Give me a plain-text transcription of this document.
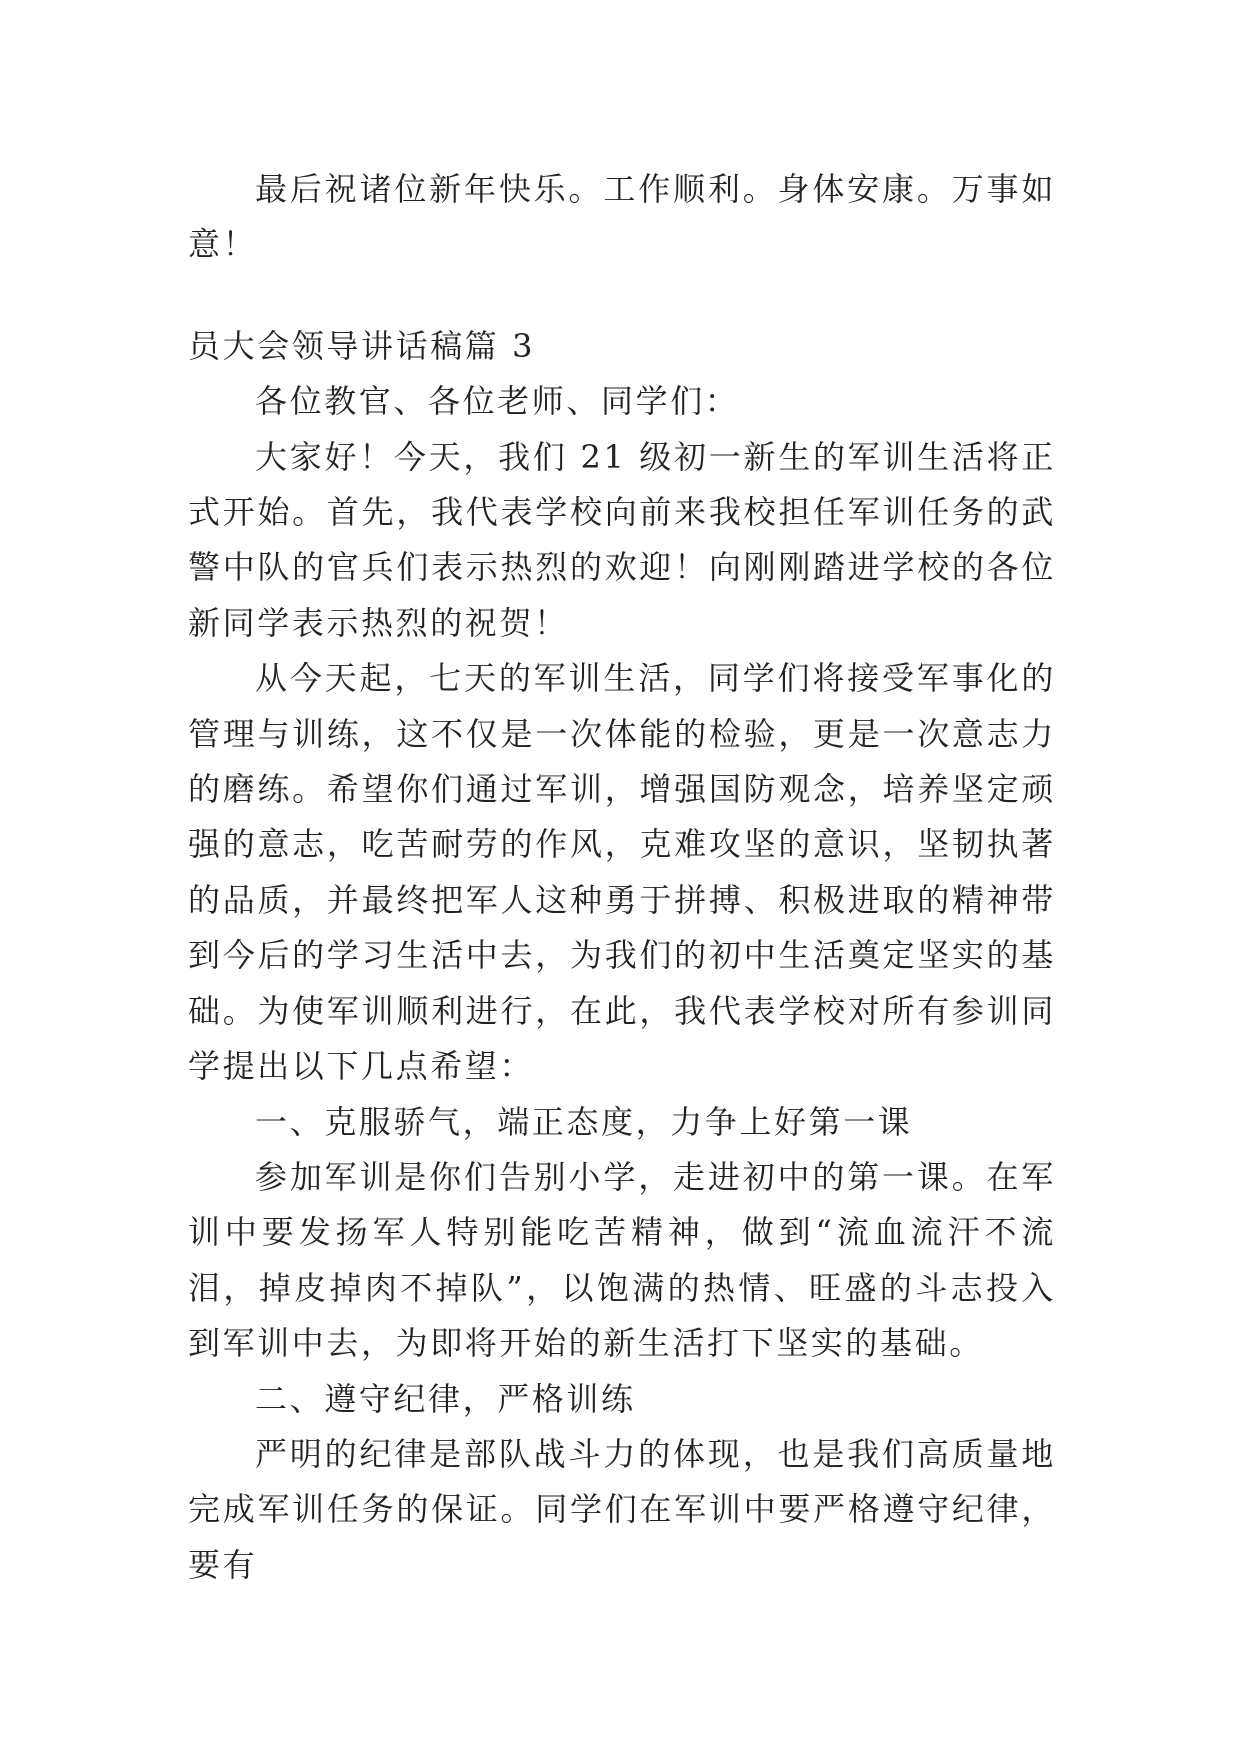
最后祝诸位新年快乐。工作顺利。身体安康。万事如意！

员大会领导讲话稿篇 3

各位教官、各位老师、同学们：

大家好！今天，我们 21 级初一新生的军训生活将正式开始。首先，我代表学校向前来我校担任军训任务的武警中队的官兵们表示热烈的欢迎！向刚刚踏进学校的各位新同学表示热烈的祝贺！

从今天起，七天的军训生活，同学们将接受军事化的管理与训练，这不仅是一次体能的检验，更是一次意志力的磨练。希望你们通过军训，增强国防观念，培养坚定顽强的意志，吃苦耐劳的作风，克难攻坚的意识，坚韧执著的品质，并最终把军人这种勇于拼搏、积极进取的精神带到今后的学习生活中去，为我们的初中生活奠定坚实的基础。为使军训顺利进行，在此，我代表学校对所有参训同学提出以下几点希望：

一、克服骄气，端正态度，力争上好第一课

参加军训是你们告别小学，走进初中的第一课。在军训中要发扬军人特别能吃苦精神，做到“流血流汗不流泪，掉皮掉肉不掉队”，以饱满的热情、旺盛的斗志投入到军训中去，为即将开始的新生活打下坚实的基础。

二、遵守纪律，严格训练

严明的纪律是部队战斗力的体现，也是我们高质量地完成军训任务的保证。同学们在军训中要严格遵守纪律，要有
